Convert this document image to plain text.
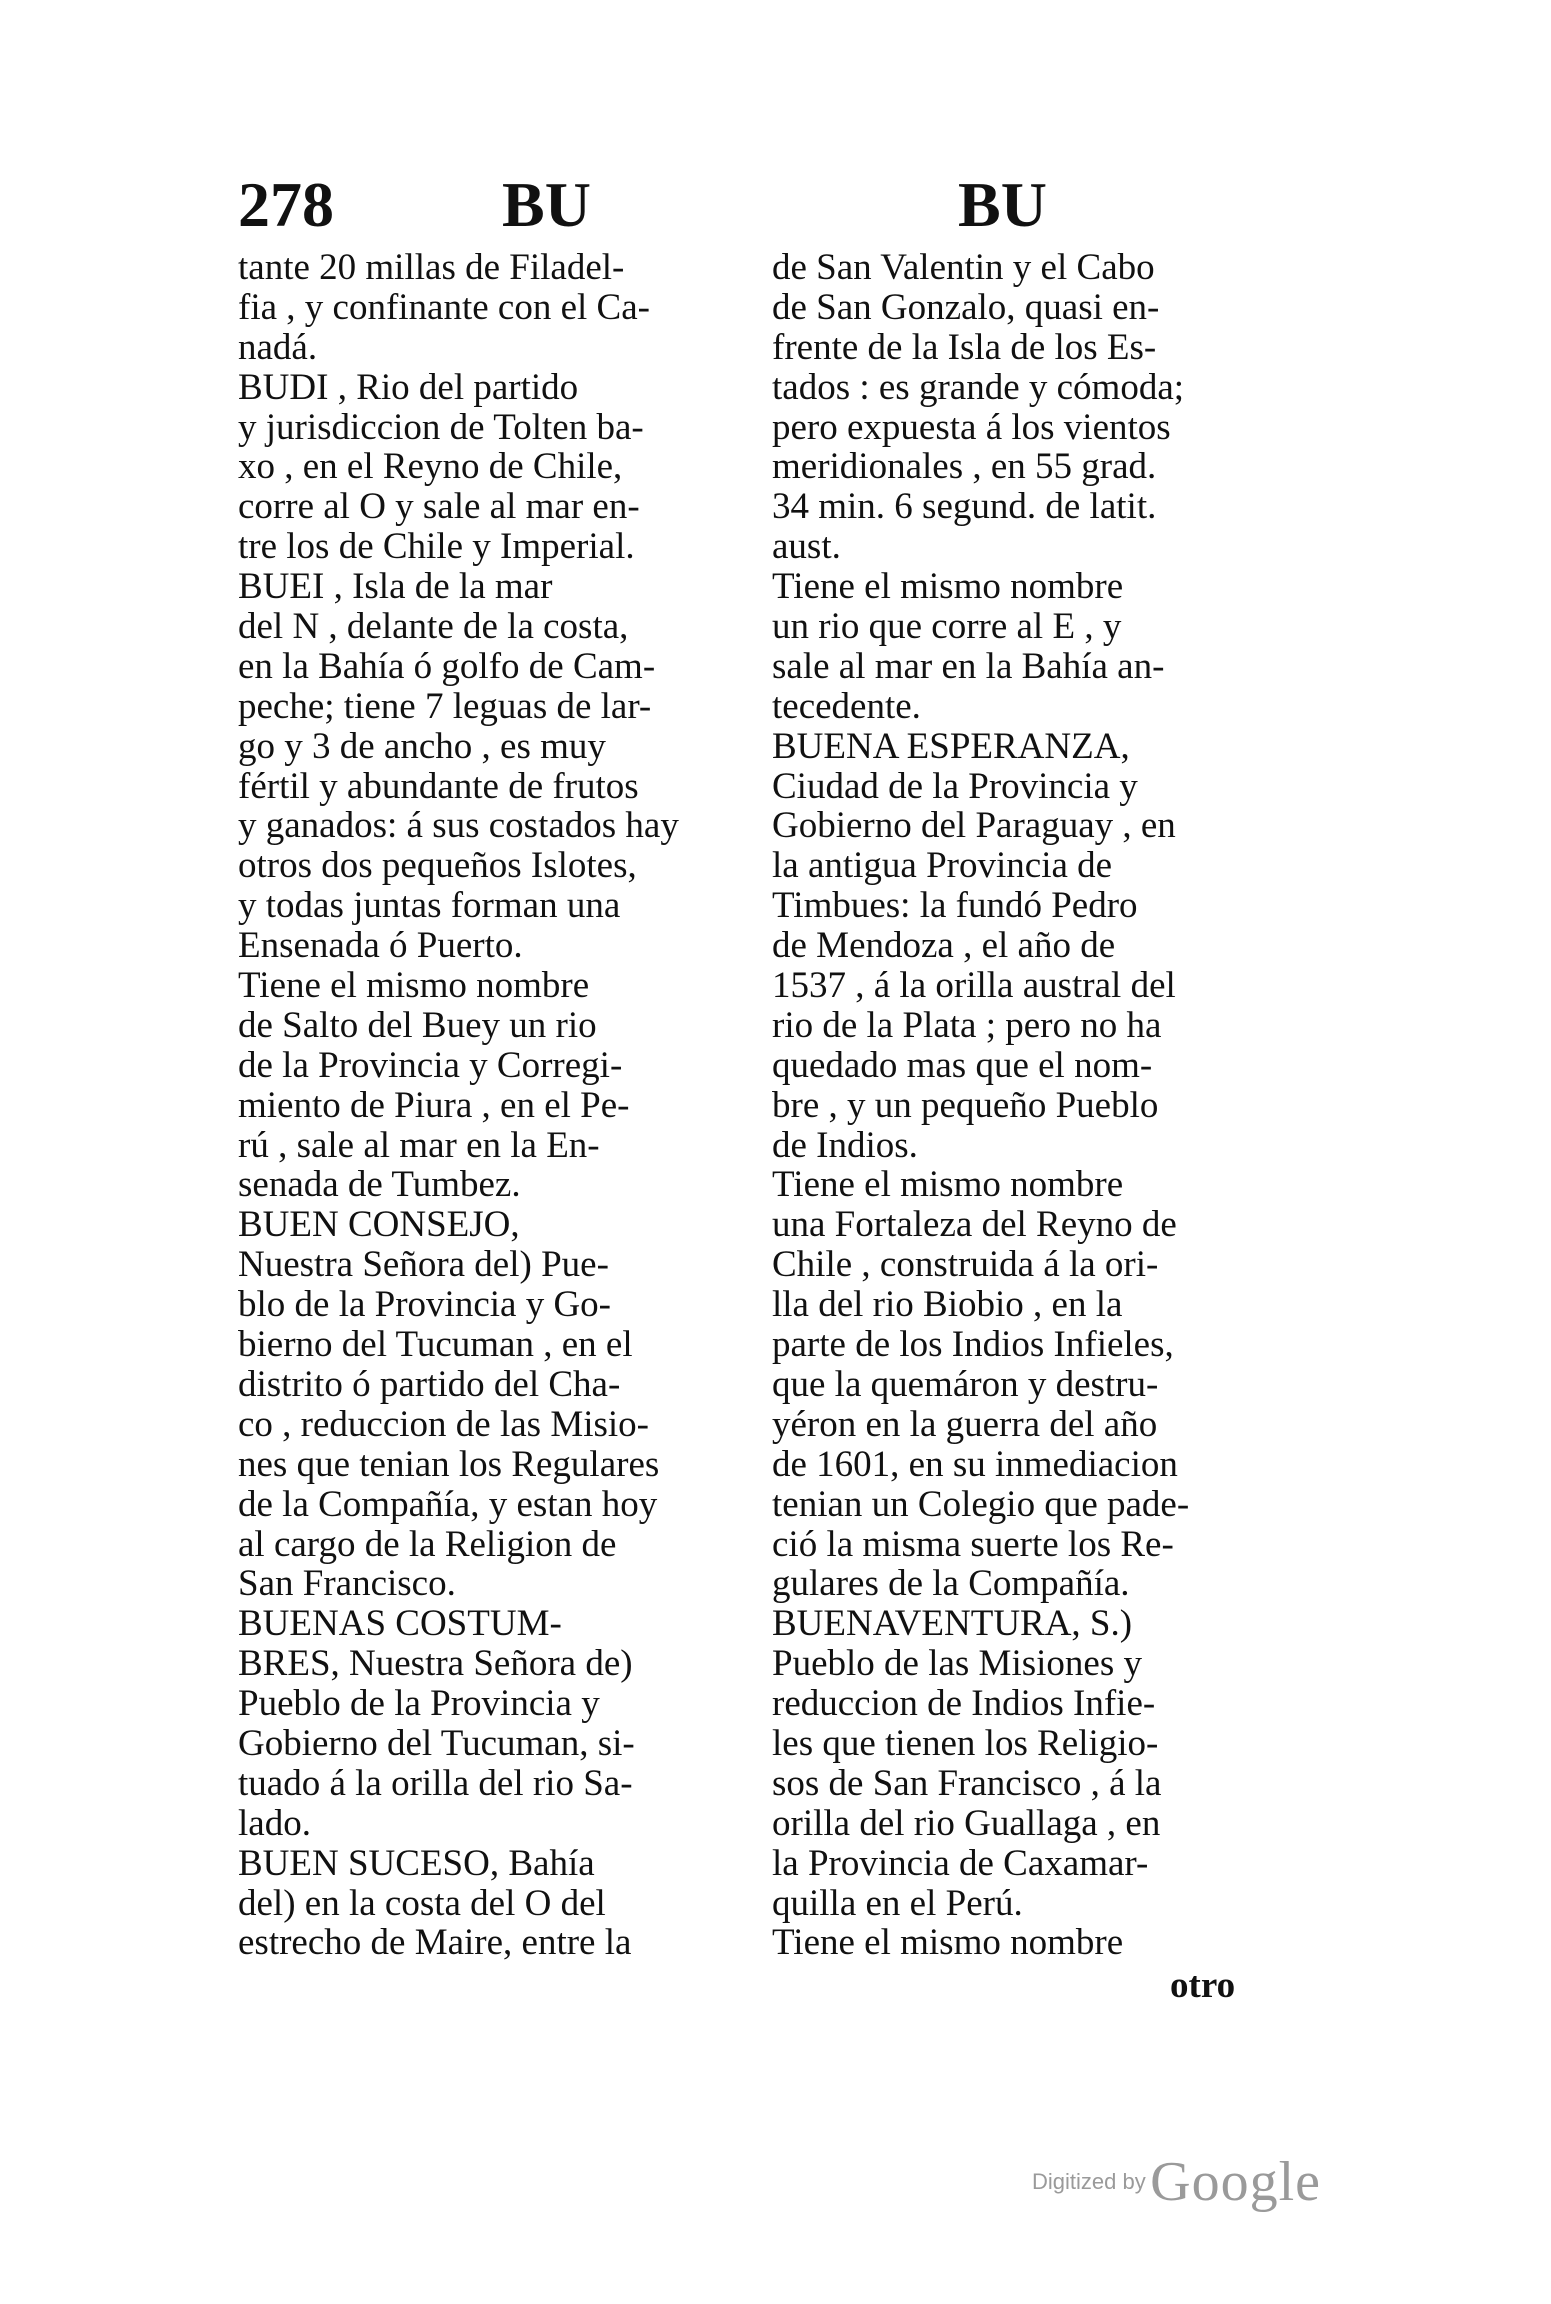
278	BU	BU
tante 20 millas de Filadel-
fia , y confinante con el Ca-
nadá.
BUDI , Rio del partido
y jurisdiccion de Tolten ba-
xo , en el Reyno de Chile,
corre al O y sale al mar en-
tre los de Chile y Imperial.
BUEI , Isla de la mar
del N , delante de la costa,
en la Bahía ó golfo de Cam-
peche; tiene 7 leguas de lar-
go y 3 de ancho , es muy
fértil y abundante de frutos
y ganados: á sus costados hay
otros dos pequeños Islotes,
y todas juntas forman una
Ensenada ó Puerto.
Tiene el mismo nombre
de Salto del Buey un rio
de la Provincia y Corregi-
miento de Piura , en el Pe-
rú , sale al mar en la En-
senada de Tumbez.
BUEN CONSEJO,
Nuestra Señora del) Pue-
blo de la Provincia y Go-
bierno del Tucuman , en el
distrito ó partido del Cha-
co , reduccion de las Misio-
nes que tenian los Regulares
de la Compañía, y estan hoy
al cargo de la Religion de
San Francisco.
BUENAS COSTUM-
BRES, Nuestra Señora de)
Pueblo de la Provincia y
Gobierno del Tucuman, si-
tuado á la orilla del rio Sa-
lado.
BUEN SUCESO, Bahía
del) en la costa del O del
estrecho de Maire, entre la
de San Valentin y el Cabo
de San Gonzalo, quasi en-
frente de la Isla de los Es-
tados : es grande y cómoda;
pero expuesta á los vientos
meridionales , en 55 grad.
34 min. 6 segund. de latit.
aust.
Tiene el mismo nombre
un rio que corre al E , y
sale al mar en la Bahía an-
tecedente.
BUENA ESPERANZA,
Ciudad de la Provincia y
Gobierno del Paraguay , en
la antigua Provincia de
Timbues: la fundó Pedro
de Mendoza , el año de
1537 , á la orilla austral del
rio de la Plata ; pero no ha
quedado mas que el nom-
bre , y un pequeño Pueblo
de Indios.
Tiene el mismo nombre
una Fortaleza del Reyno de
Chile , construida á la ori-
lla del rio Biobio , en la
parte de los Indios Infieles,
que la quemáron y destru-
yéron en la guerra del año
de 1601, en su inmediacion
tenian un Colegio que pade-
ció la misma suerte los Re-
gulares de la Compañía.
BUENAVENTURA, S.)
Pueblo de las Misiones y
reduccion de Indios Infie-
les que tienen los Religio-
sos de San Francisco , á la
orilla del rio Guallaga , en
la Provincia de Caxamar-
quilla en el Perú.
Tiene el mismo nombre
otro
Digitized by Google
